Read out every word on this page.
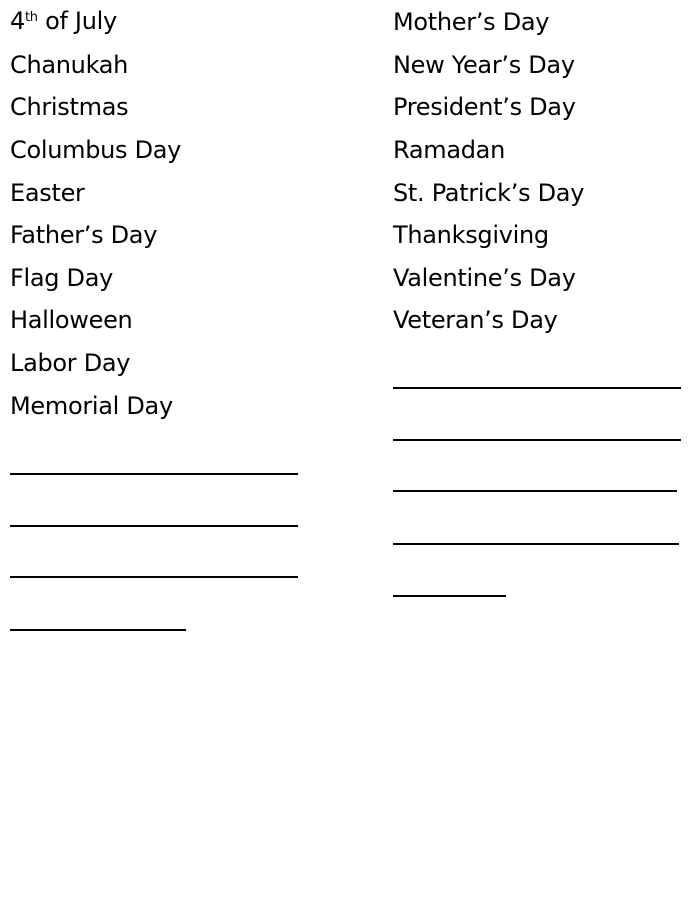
4th of July
Chanukah
Christmas
Columbus Day
Easter
Father’s Day
Flag Day
Halloween
Labor Day
Memorial Day
Mother’s Day
New Year’s Day
President’s Day
Ramadan
St. Patrick’s Day
Thanksgiving
Valentine’s Day
Veteran’s Day
